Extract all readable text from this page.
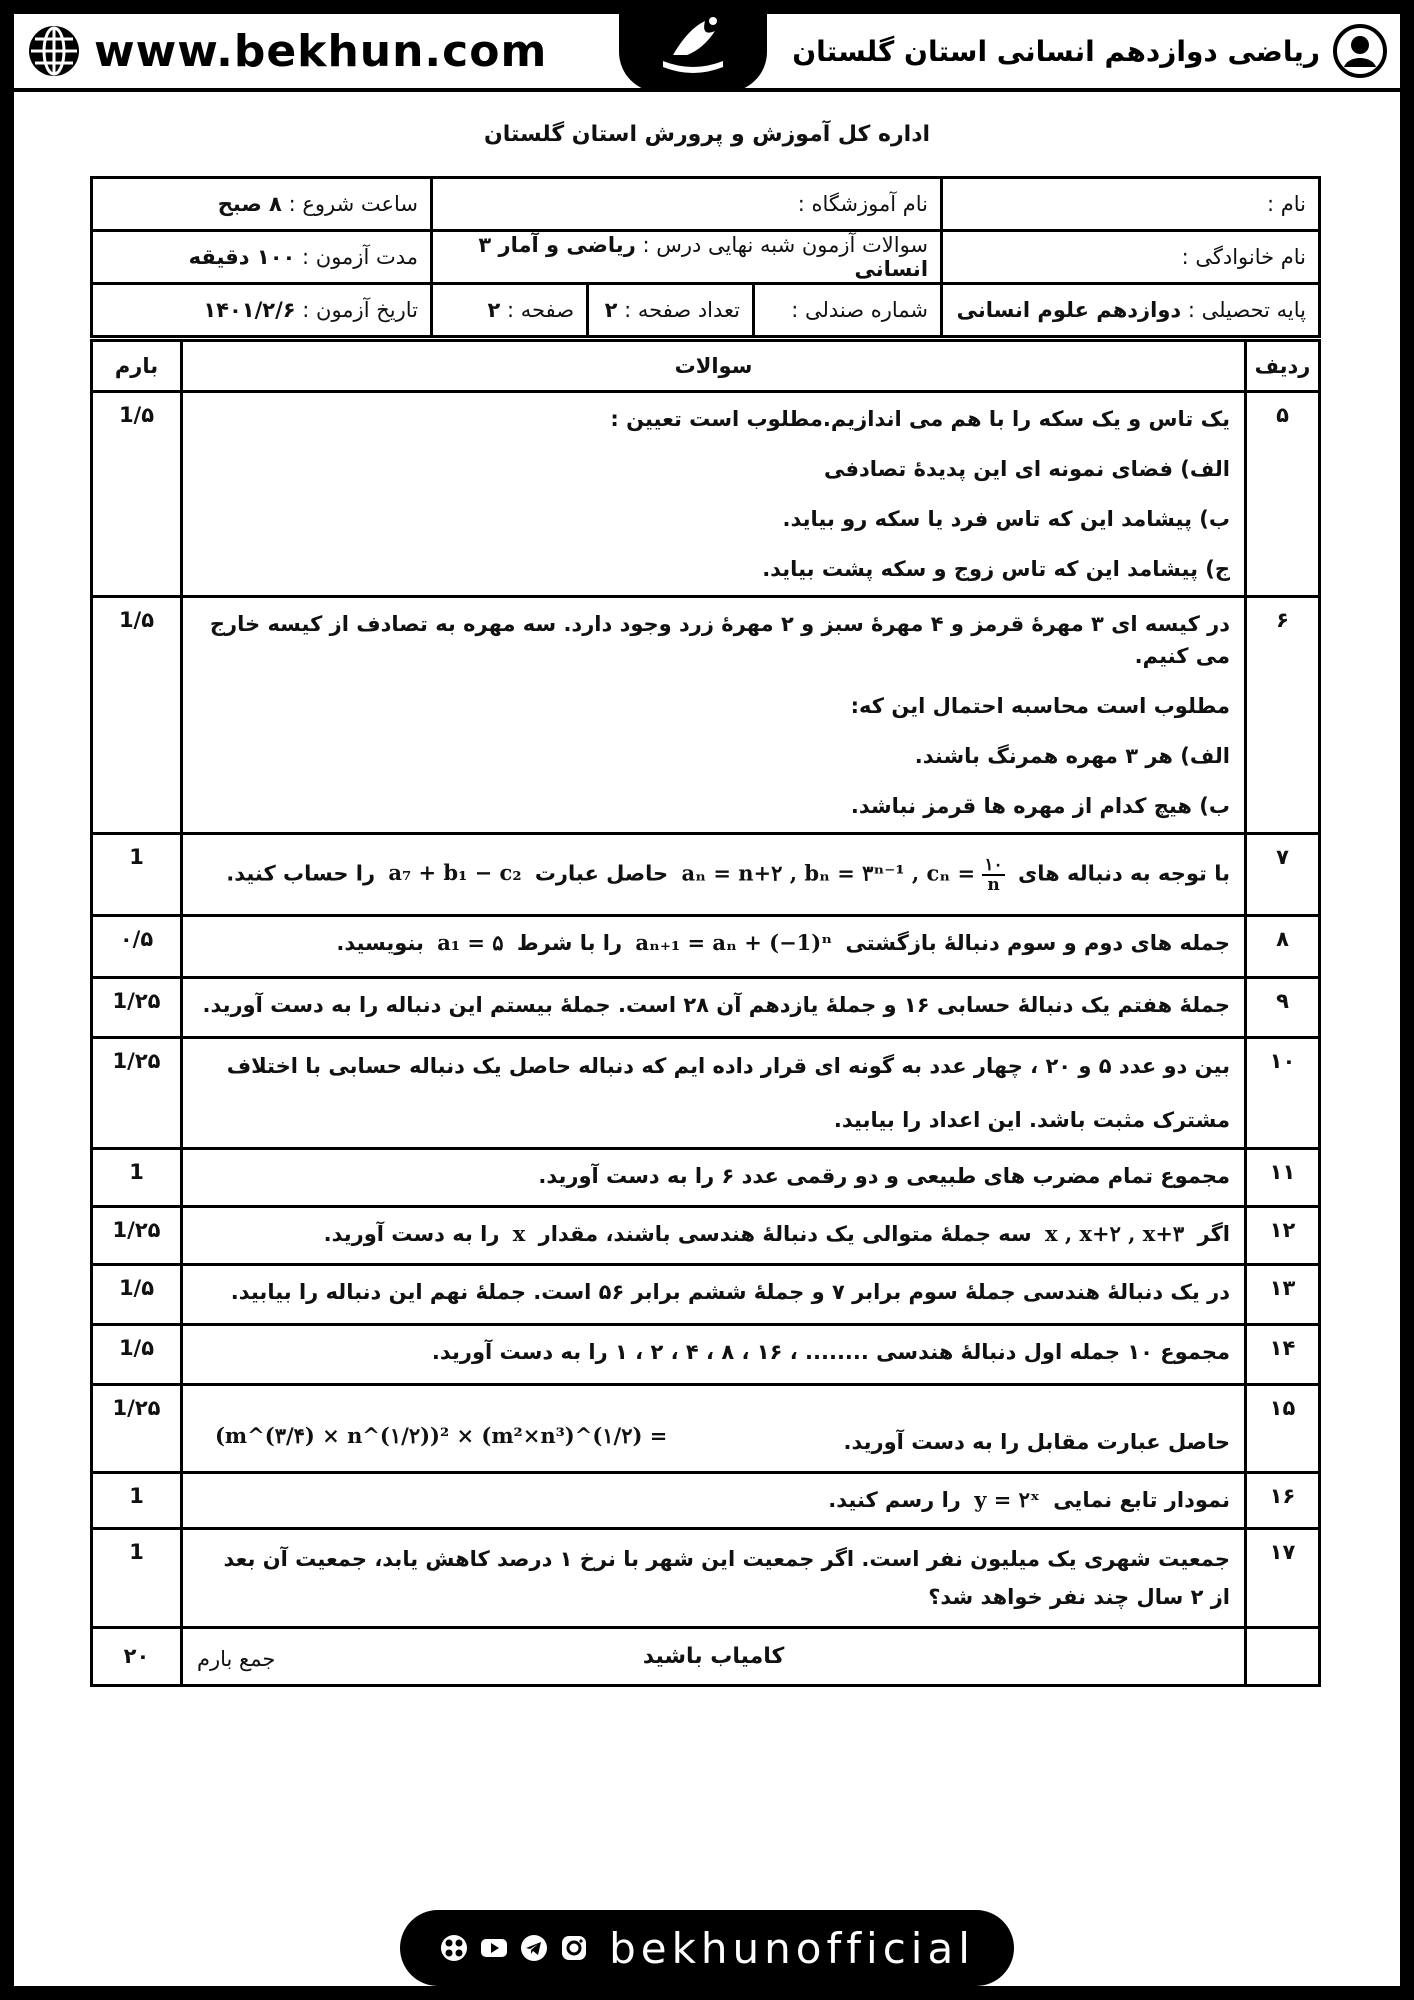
www.bekhun.com	ریاضی دوازدهم انسانی استان گلستان
اداره کل آموزش و پرورش استان گلستان
نام :	نام آموزشگاه :			ساعت شروع : ۸ صبح
نام خانوادگی :	سوالات آزمون شبه نهایی درس : ریاضی و آمار ۳ انسانی			مدت آزمون : ۱۰۰ دقیقه
پایه تحصیلی : دوازدهم علوم انسانی	شماره صندلی :	تعداد صفحه : ۲	صفحه : ۲	تاریخ آزمون : ۱۴۰۱/۲/۶
ردیف	سوالات	بارم
۵	یک تاس و یک سکه را با هم می اندازیم.مطلوب است تعیین :
الف) فضای نمونه ای این پدیدهٔ تصادفی
ب) پیشامد این که تاس فرد یا سکه رو بیاید.
ج) پیشامد این که تاس زوج و سکه پشت بیاید.	1/۵
۶	در کیسه ای ۳ مهرهٔ قرمز و ۴ مهرهٔ سبز و ۲ مهرهٔ زرد وجود دارد. سه مهره به تصادف از کیسه خارج می کنیم.
مطلوب است محاسبه احتمال این که:
الف) هر ۳ مهره همرنگ باشند.
ب) هیچ کدام از مهره ها قرمز نباشد.	1/۵
۷	با توجه به دنباله های aₙ = n+۲ , bₙ = ۳ⁿ⁻¹ , $c_n = \frac{۱۰}{n}$
حاصل عبارت a₇ + b₁ − c₂ را حساب کنید.	1
۸	جمله های دوم و سوم دنبالهٔ بازگشتی aₙ₊₁ = aₙ + (−1)ⁿ را با شرط a₁ = ۵ بنویسید.	۰/۵
۹	جملهٔ هفتم یک دنبالهٔ حسابی ۱۶ و جملهٔ یازدهم آن ۲۸ است. جملهٔ بیستم این دنباله را به دست آورید.	1/۲۵
۱۰	بین دو عدد ۵ و ۲۰ ، چهار عدد به گونه ای قرار داده ایم که دنباله حاصل یک دنباله حسابی با اختلاف مشترک مثبت باشد. این اعداد را بیابید.	1/۲۵
۱۱	مجموع تمام مضرب های طبیعی و دو رقمی عدد ۶ را به دست آورید.	1
۱۲	اگر x , x+۲ , x+۳ سه جملهٔ متوالی یک دنبالهٔ هندسی باشند، مقدار x را به دست آورید.	1/۲۵
۱۳	در یک دنبالهٔ هندسی جملهٔ سوم برابر ۷ و جملهٔ ششم برابر ۵۶ است. جملهٔ نهم این دنباله را بیابید.	1/۵
۱۴	مجموع ۱۰ جمله اول دنبالهٔ هندسی ........ ، ۱۶ ، ۸ ، ۴ ، ۲ ، ۱ را به دست آورید.	1/۵
۱۵	حاصل عبارت مقابل را به دست آورید.
(m^(۳/۴) × n^(۱/۲))² × (m²×n³)^(۱/۲) =	1/۲۵
۱۶	نمودار تابع نمایی y = ۲ˣ را رسم کنید.	1
۱۷	جمعیت شهری یک میلیون نفر است. اگر جمعیت این شهر با نرخ ۱ درصد کاهش یابد، جمعیت آن بعد از ۲ سال چند نفر خواهد شد؟	1

	کامیاب باشید
جمع بارم	۲۰
bekhunofficial
